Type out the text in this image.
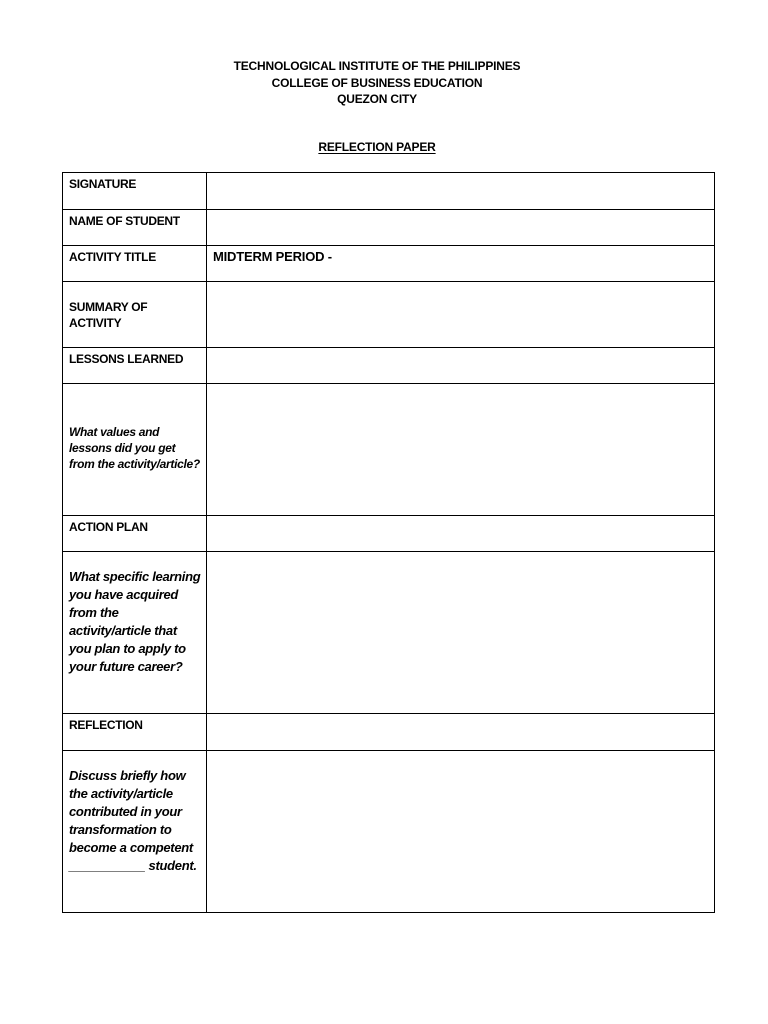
TECHNOLOGICAL INSTITUTE OF THE PHILIPPINES
COLLEGE OF BUSINESS EDUCATION
QUEZON CITY
REFLECTION PAPER
SIGNATURE	
NAME OF STUDENT	
ACTIVITY TITLE	MIDTERM PERIOD -
SUMMARY OF ACTIVITY	
LESSONS LEARNED	
What values and lessons did you get from the activity/article?	
ACTION PLAN	
What specific learning you have acquired from the activity/article that you plan to apply to your future career?	
REFLECTION	
Discuss briefly how the activity/article contributed in your transformation to become a competent ___________ student.	
